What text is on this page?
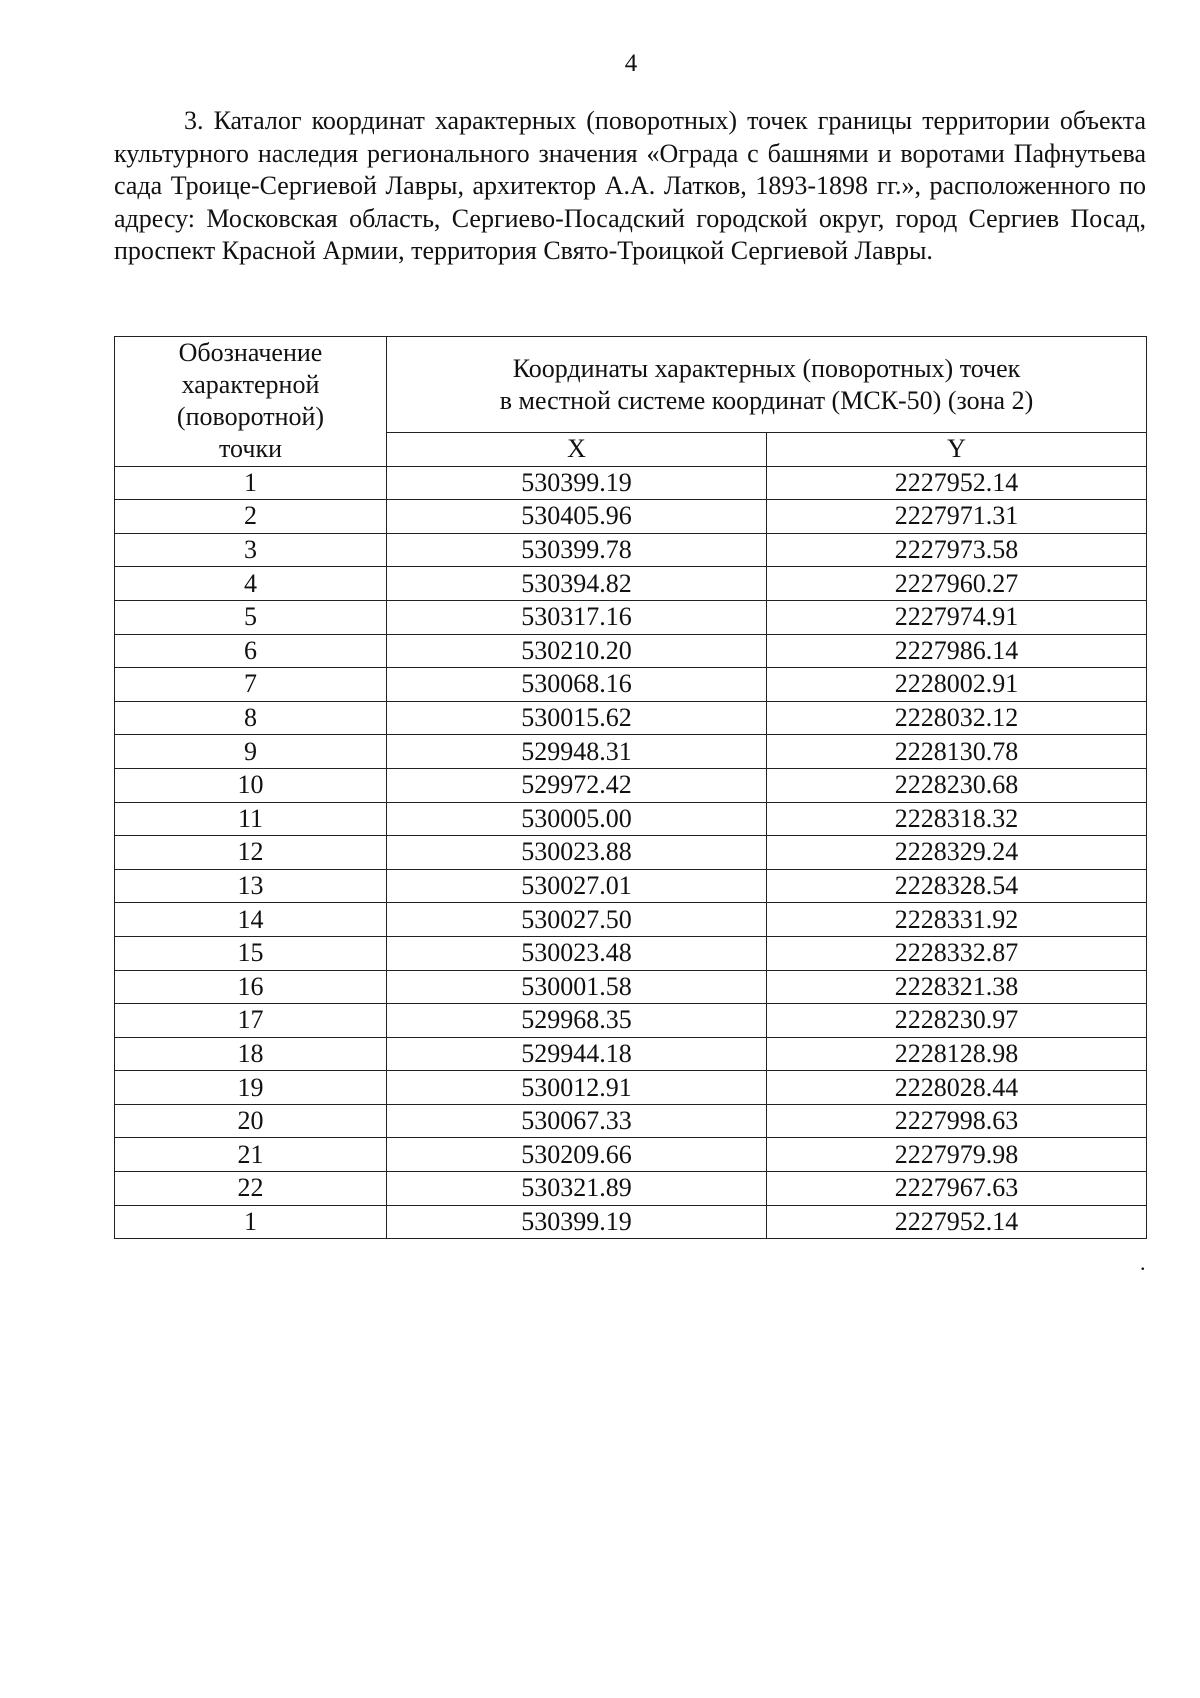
4

3. Каталог координат характерных (поворотных) точек границы территории объекта культурного наследия регионального значения «Ограда с башнями и воротами Пафнутьева сада Троице-Сергиевой Лавры, архитектор А.А. Латков, 1893-1898 гг.», расположенного по адресу: Московская область, Сергиево-Посадский городской округ, город Сергиев Посад, проспект Красной Армии, территория Свято-Троицкой Сергиевой Лавры.

Обозначение
характерной
(поворотной)
точки	Координаты характерных (поворотных) точек
в местной системе координат (МСК-50) (зона 2)	
	X	Y
1	530399.19	2227952.14
2	530405.96	2227971.31
3	530399.78	2227973.58
4	530394.82	2227960.27
5	530317.16	2227974.91
6	530210.20	2227986.14
7	530068.16	2228002.91
8	530015.62	2228032.12
9	529948.31	2228130.78
10	529972.42	2228230.68
11	530005.00	2228318.32
12	530023.88	2228329.24
13	530027.01	2228328.54
14	530027.50	2228331.92
15	530023.48	2228332.87
16	530001.58	2228321.38
17	529968.35	2228230.97
18	529944.18	2228128.98
19	530012.91	2228028.44
20	530067.33	2227998.63
21	530209.66	2227979.98
22	530321.89	2227967.63
1	530399.19	2227952.14
.
